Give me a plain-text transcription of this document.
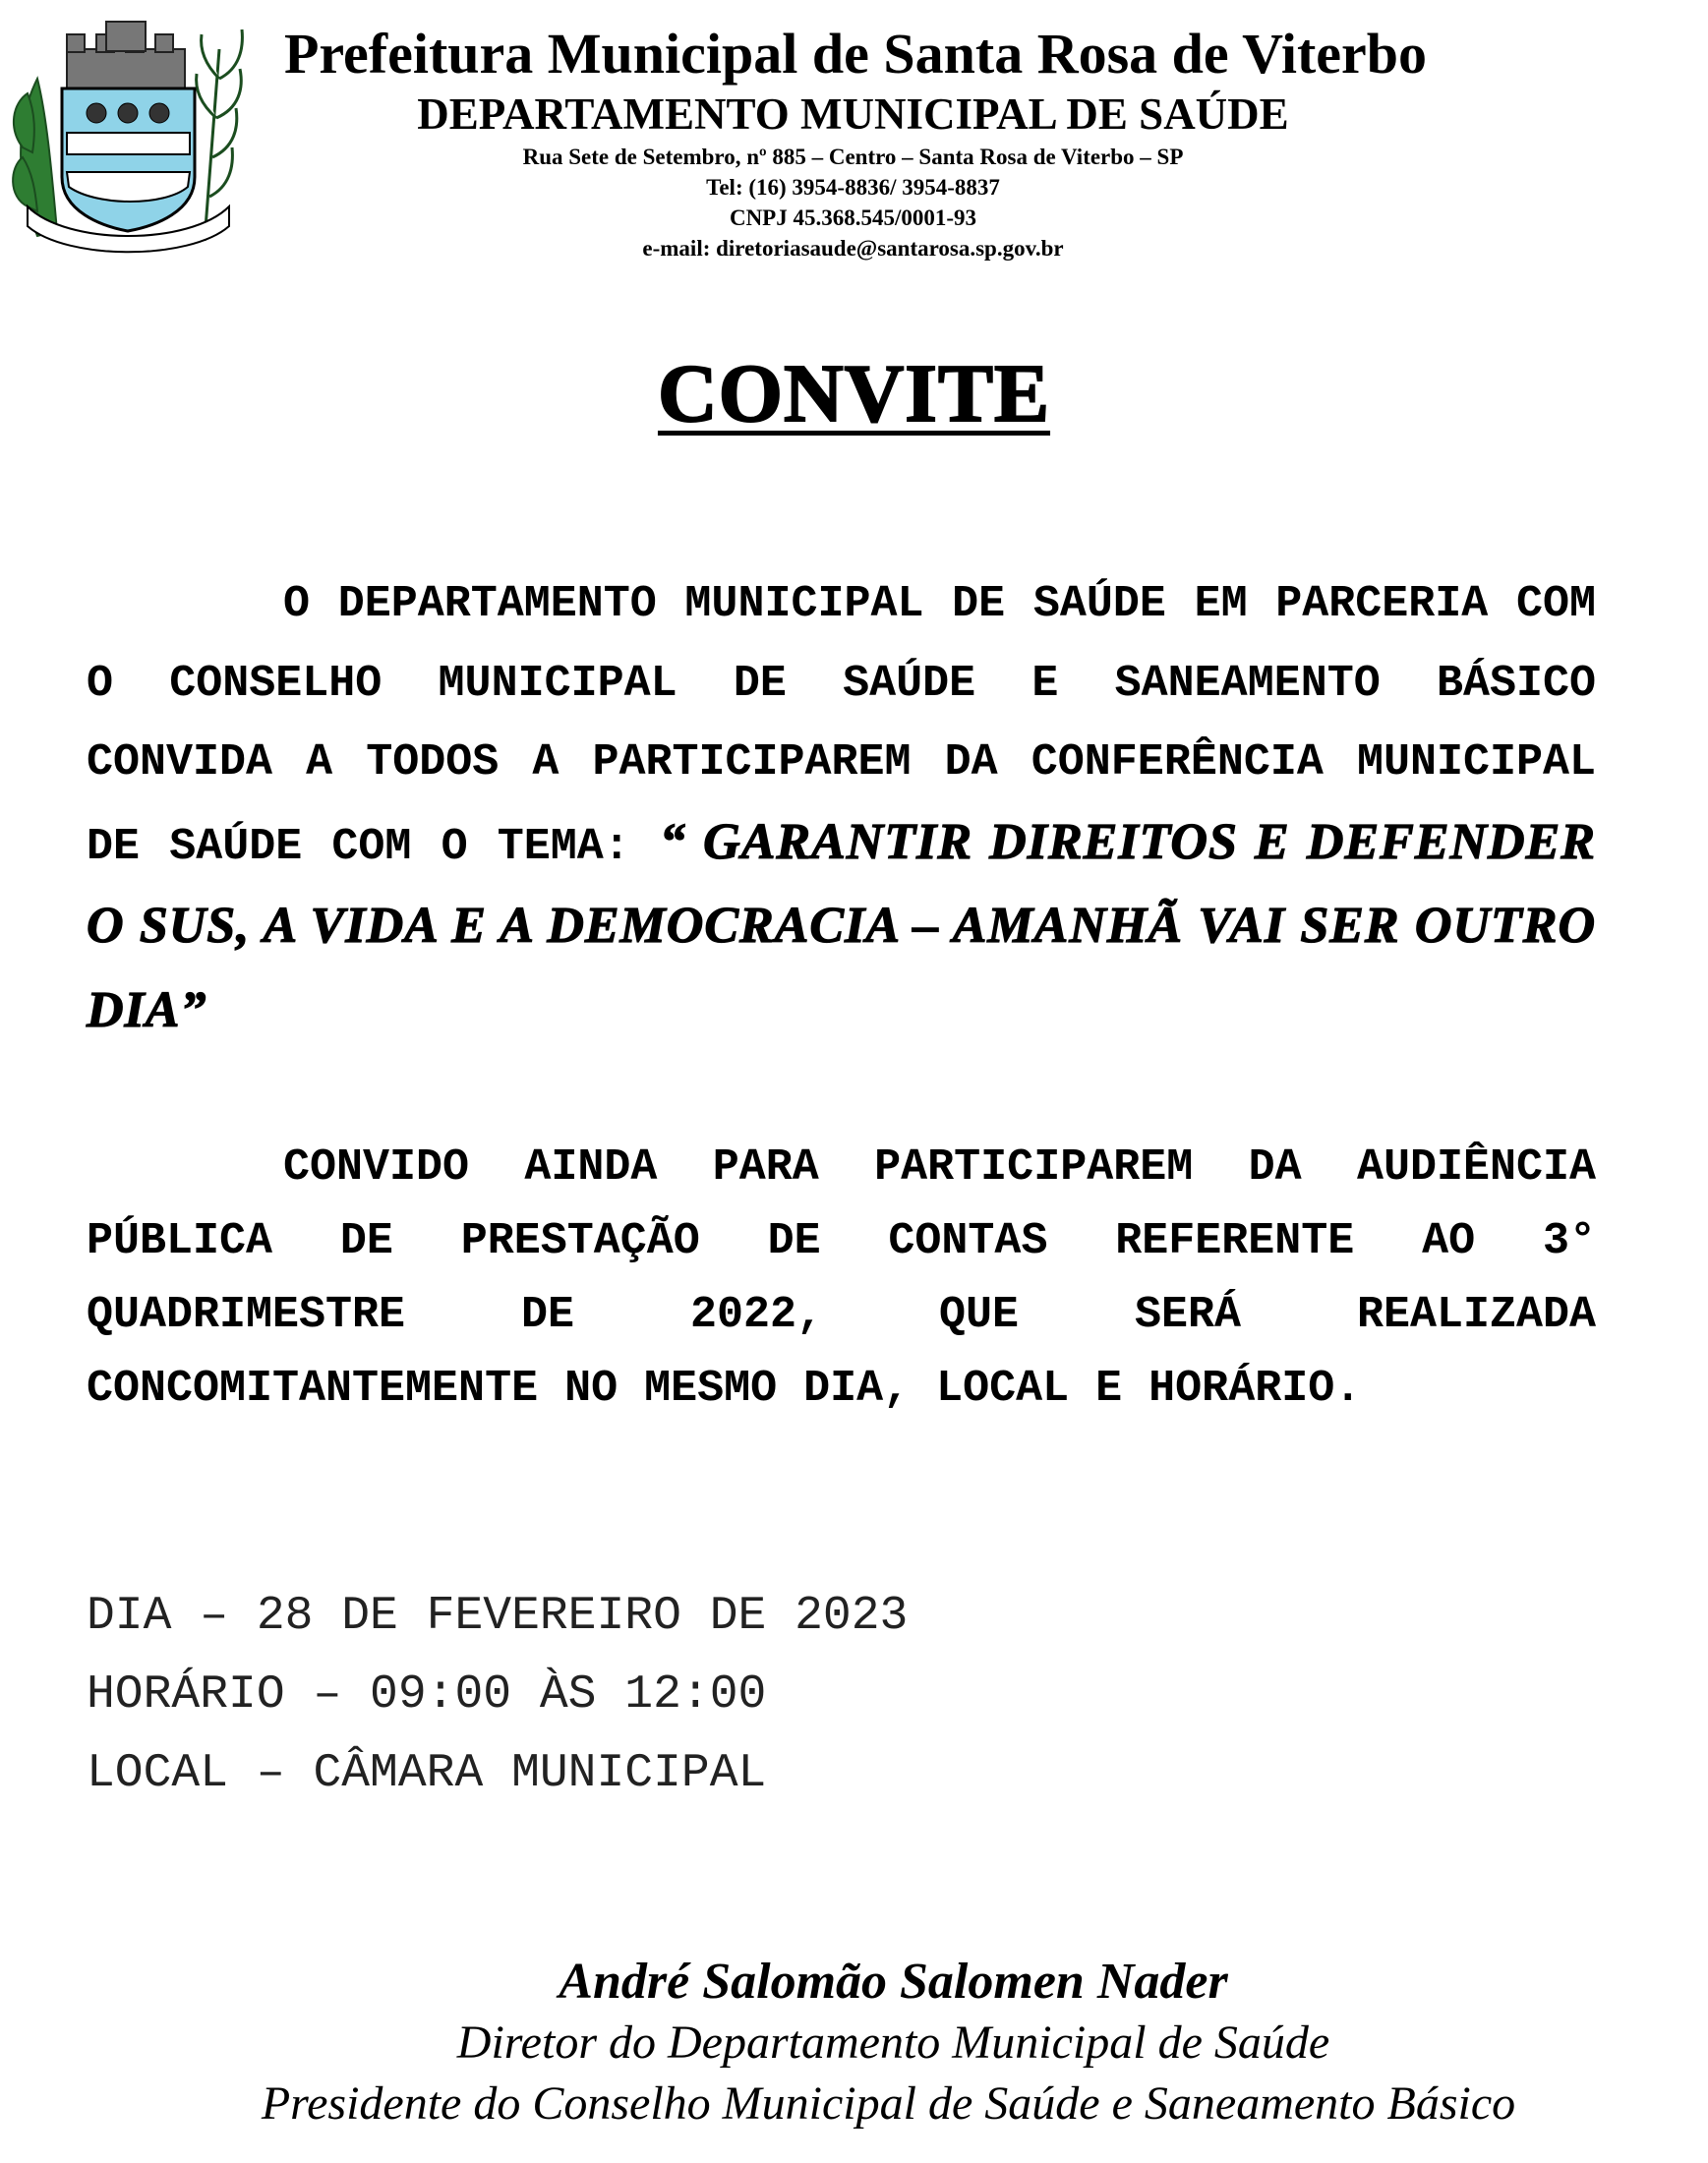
Prefeitura Municipal de Santa Rosa de Viterbo
DEPARTAMENTO MUNICIPAL DE SAÚDE
Rua Sete de Setembro, nº 885 – Centro – Santa Rosa de Viterbo – SP
Tel: (16) 3954-8836/ 3954-8837
CNPJ 45.368.545/0001-93
e-mail: diretoriasaude@santarosa.sp.gov.br
CONVITE
O DEPARTAMENTO MUNICIPAL DE SAÚDE EM PARCERIA COM O CONSELHO MUNICIPAL DE SAÚDE E SANEAMENTO BÁSICO CONVIDA A TODOS A PARTICIPAREM DA CONFERÊNCIA MUNICIPAL DE SAÚDE COM O TEMA: “ GARANTIR DIREITOS E DEFENDER O SUS, A VIDA E A DEMOCRACIA – AMANHÃ VAI SER OUTRO DIA”
CONVIDO AINDA PARA PARTICIPAREM DA AUDIÊNCIA PÚBLICA DE PRESTAÇÃO DE CONTAS REFERENTE AO 3° QUADRIMESTRE DE 2022, QUE SERÁ REALIZADA CONCOMITANTEMENTE NO MESMO DIA, LOCAL E HORÁRIO.
DIA – 28 DE FEVEREIRO DE 2023
HORÁRIO – 09:00 ÀS 12:00
LOCAL – CÂMARA MUNICIPAL
André Salomão Salomen Nader
Diretor do Departamento Municipal de Saúde
Presidente do Conselho Municipal de Saúde e Saneamento Básico
